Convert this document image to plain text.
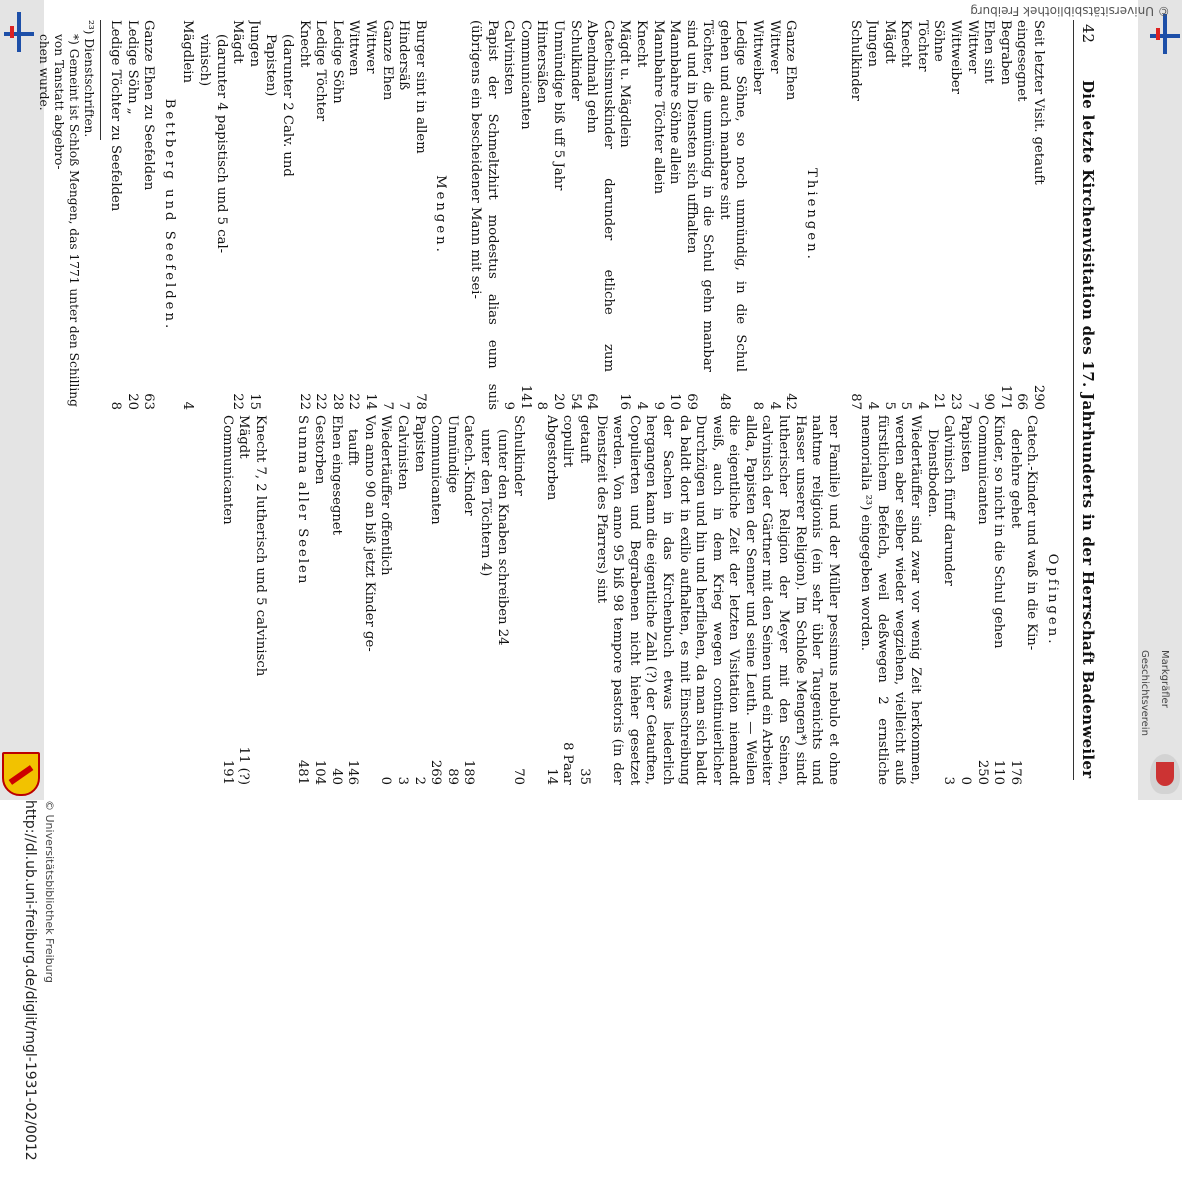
http://dl.ub.uni-freiburg.de/diglit/mgl-1931-02/0012 © Universitätsbibliothek Freiburg
© Universitätsbibliothek Freiburg
Markgräfler
Geschichtsverein
42
Die letzte Kirchenvisitation des 17. Jahrhunderts in der Herrschaft Badenweiler
Seit letzter Visit. getauft
290
eingesegnet
66
Begraben
171
Ehen sint
90
Wittwer
7
Wittweiber
23
Söhne
21
Töchter
4
Knecht
5
Mägdt
5
Jungen
4
Schulkinder
87
Thiengen.
Ganze Ehen
42
Wittwer
4
Wittweiber
8
Ledige Söhne, so noch unmündig, in die Schul gehen und auch manbare sint
48
Töchter, die unmündig in die Schul gehn manbar sind und in Diensten sich uffhalten
69
Mannbahre Söhne allein
10
Mannbahre Töchter allein
9
Knecht
4
Mägdt u. Mägdlein
16
Catechismuskinder darunder etliche zum Abendmahl gehn
64
Schulkinder
54
Unmündige biß uff 5 Jahr
20
Hintersäßen
8
Communicanten
141
Calvinisten
9
Papist der Schmeltzhirt modestus alias eum suis (übrigens ein bescheidener Mann mit sei-
Mengen.
Burger sint in allem
78
Hindersäß
7
Ganze Ehen
7
Wittwer
14
Wittwen
22
Ledige Söhn
28
Ledige Töchter
22
Knecht
22
(darunter 2 Calv. und
Papisten)
Jungen
15
Mägdt
22
(darunter 4 papistisch und 5 cal-
vinisch)
Mägdlein
4
Bettberg und Seefelden.
Ganze Ehen zu Seefelden
63
Ledige Söhn „
20
Ledige Töchter zu Seefelden
8
²³) Dienstschriften.
*) Gemeint ist Schloß Mengen, das 1771 unter den Schilling von Tanstatt abgebro-
chen wurde.
Opfingen.
Catech.-Kinder und waß in die Kin-
derlehre gehet
176
Kinder, so nicht in die Schul gehen
110
Communicanten
250
Papisten
0
Calvinisch fünff darunder
3
Dienstboden.
Wiedertäuffer sind zwar vor wenig Zeit herkommen, werden aber selber wieder wegziehen, vielleicht auß fürstlichem Befelch, weil deßwegen 2 ernstliche memorialia ²³) eingegeben worden.
ner Familie) und der Müller pessimus nebulo et ohne nahtme religionis (ein sehr übler Taugenichts und Hasser unserer Religion). Im Schloße Mengen*) sindt lutherischer Religion der Meyer mit den Seinen, calvinisch der Gärtner mit den Seinen und ein Arbeiter allda, Papisten der Senner und seine Leuth. — Weilen die eigentliche Zeit der letzten Visitation niemandt weiß, auch in dem Krieg wegen continuierlicher Durchzügen und hin und herfliehen, da man sich baldt da baldt dort in exilio aufhalten, es mit Einschreibung der Sachen in das Kirchenbuch etwas liederlich hergangen kann die eigentliche Zahl (?) der Getauften, Copulierten und Begrabenen nicht hieher gesetzet werden. Von anno 95 biß 98 tempore pastoris (in der Dienstzeit des Pfarrers) sint
getauft
35
copulirt
8 Paar
Abgestorben
14
Schulkinder
70
(unter den Knaben schreiben 24
unter den Töchtern 4)
Catech.-Kinder
189
Unmündige
89
Communicanten
269
Papisten
2
Calvinisten
3
Wiedertäuffer offentlich
0
Von anno 90 an biß jetzt Kinder ge-
taufft
146
Ehen eingesegnet
40
Gestorben
104
Summa aller Seelen
481
Knecht 7, 2 lutherisch und 5 calvinisch
Mägdt
11 (?)
Communicanten
191
